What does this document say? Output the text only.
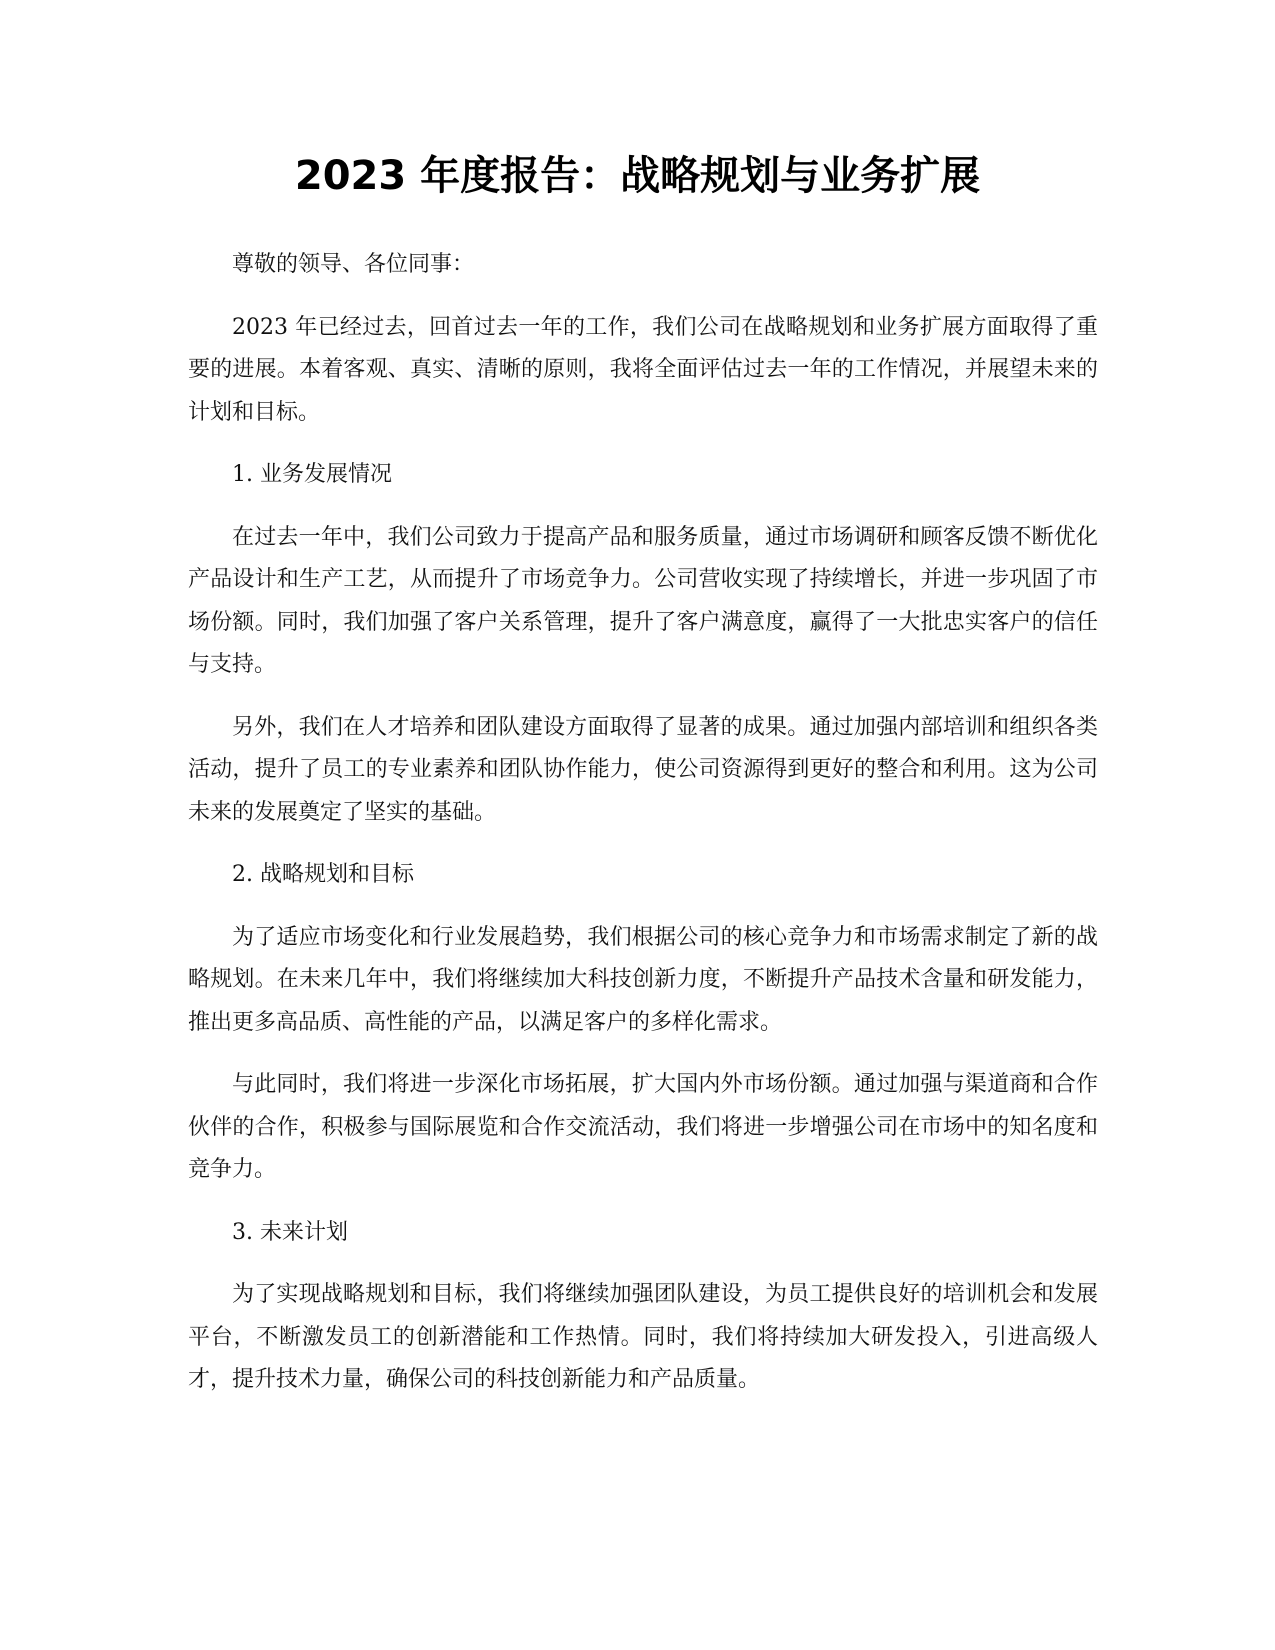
2023 年度报告：战略规划与业务扩展

尊敬的领导、各位同事：

2023 年已经过去，回首过去一年的工作，我们公司在战略规划和业务扩展方面取得了重要的进展。本着客观、真实、清晰的原则，我将全面评估过去一年的工作情况，并展望未来的计划和目标。

1. 业务发展情况

在过去一年中，我们公司致力于提高产品和服务质量，通过市场调研和顾客反馈不断优化产品设计和生产工艺，从而提升了市场竞争力。公司营收实现了持续增长，并进一步巩固了市场份额。同时，我们加强了客户关系管理，提升了客户满意度，赢得了一大批忠实客户的信任与支持。

另外，我们在人才培养和团队建设方面取得了显著的成果。通过加强内部培训和组织各类活动，提升了员工的专业素养和团队协作能力，使公司资源得到更好的整合和利用。这为公司未来的发展奠定了坚实的基础。

2. 战略规划和目标

为了适应市场变化和行业发展趋势，我们根据公司的核心竞争力和市场需求制定了新的战略规划。在未来几年中，我们将继续加大科技创新力度，不断提升产品技术含量和研发能力，推出更多高品质、高性能的产品，以满足客户的多样化需求。

与此同时，我们将进一步深化市场拓展，扩大国内外市场份额。通过加强与渠道商和合作伙伴的合作，积极参与国际展览和合作交流活动，我们将进一步增强公司在市场中的知名度和竞争力。

3. 未来计划

为了实现战略规划和目标，我们将继续加强团队建设，为员工提供良好的培训机会和发展平台，不断激发员工的创新潜能和工作热情。同时，我们将持续加大研发投入，引进高级人才，提升技术力量，确保公司的科技创新能力和产品质量。
